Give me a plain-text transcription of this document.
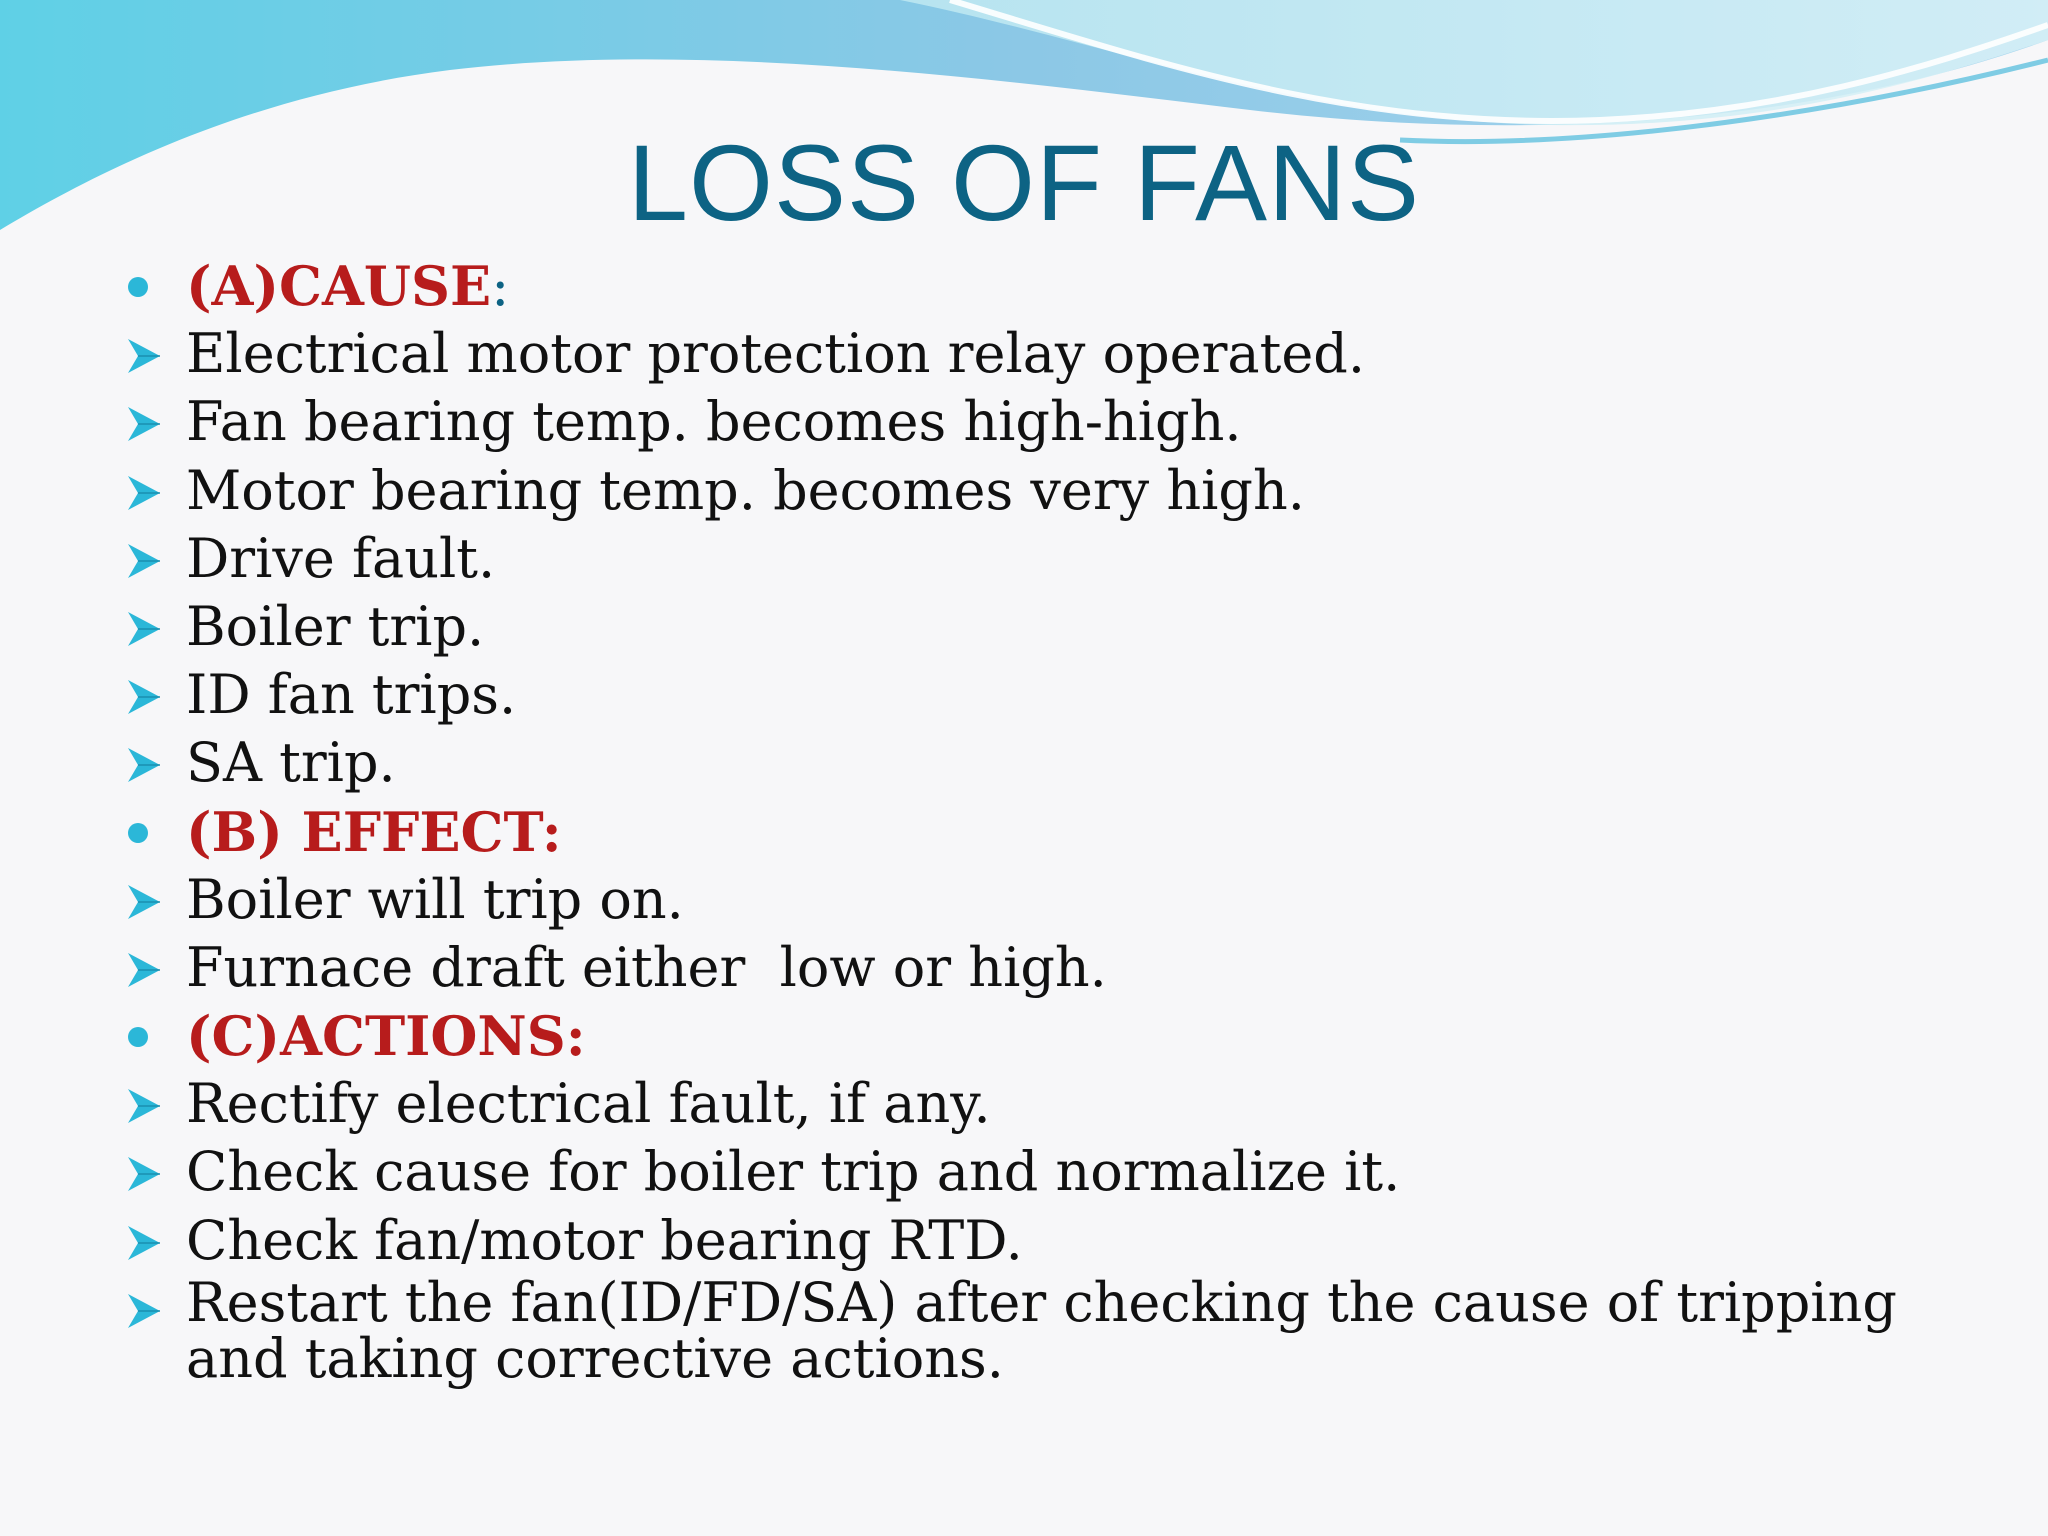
LOSS OF FANS
(A)CAUSE:
Electrical motor protection relay operated.
Fan bearing temp. becomes high-high.
Motor bearing temp. becomes very high.
Drive fault.
Boiler trip.
ID fan trips.
SA trip.
(B) EFFECT:
Boiler will trip on.
Furnace draft either  low or high.
(C)ACTIONS:
Rectify electrical fault, if any.
Check cause for boiler trip and normalize it.
Check fan/motor bearing RTD.
Restart the fan(ID/FD/SA) after checking the cause of tripping and taking corrective actions.
